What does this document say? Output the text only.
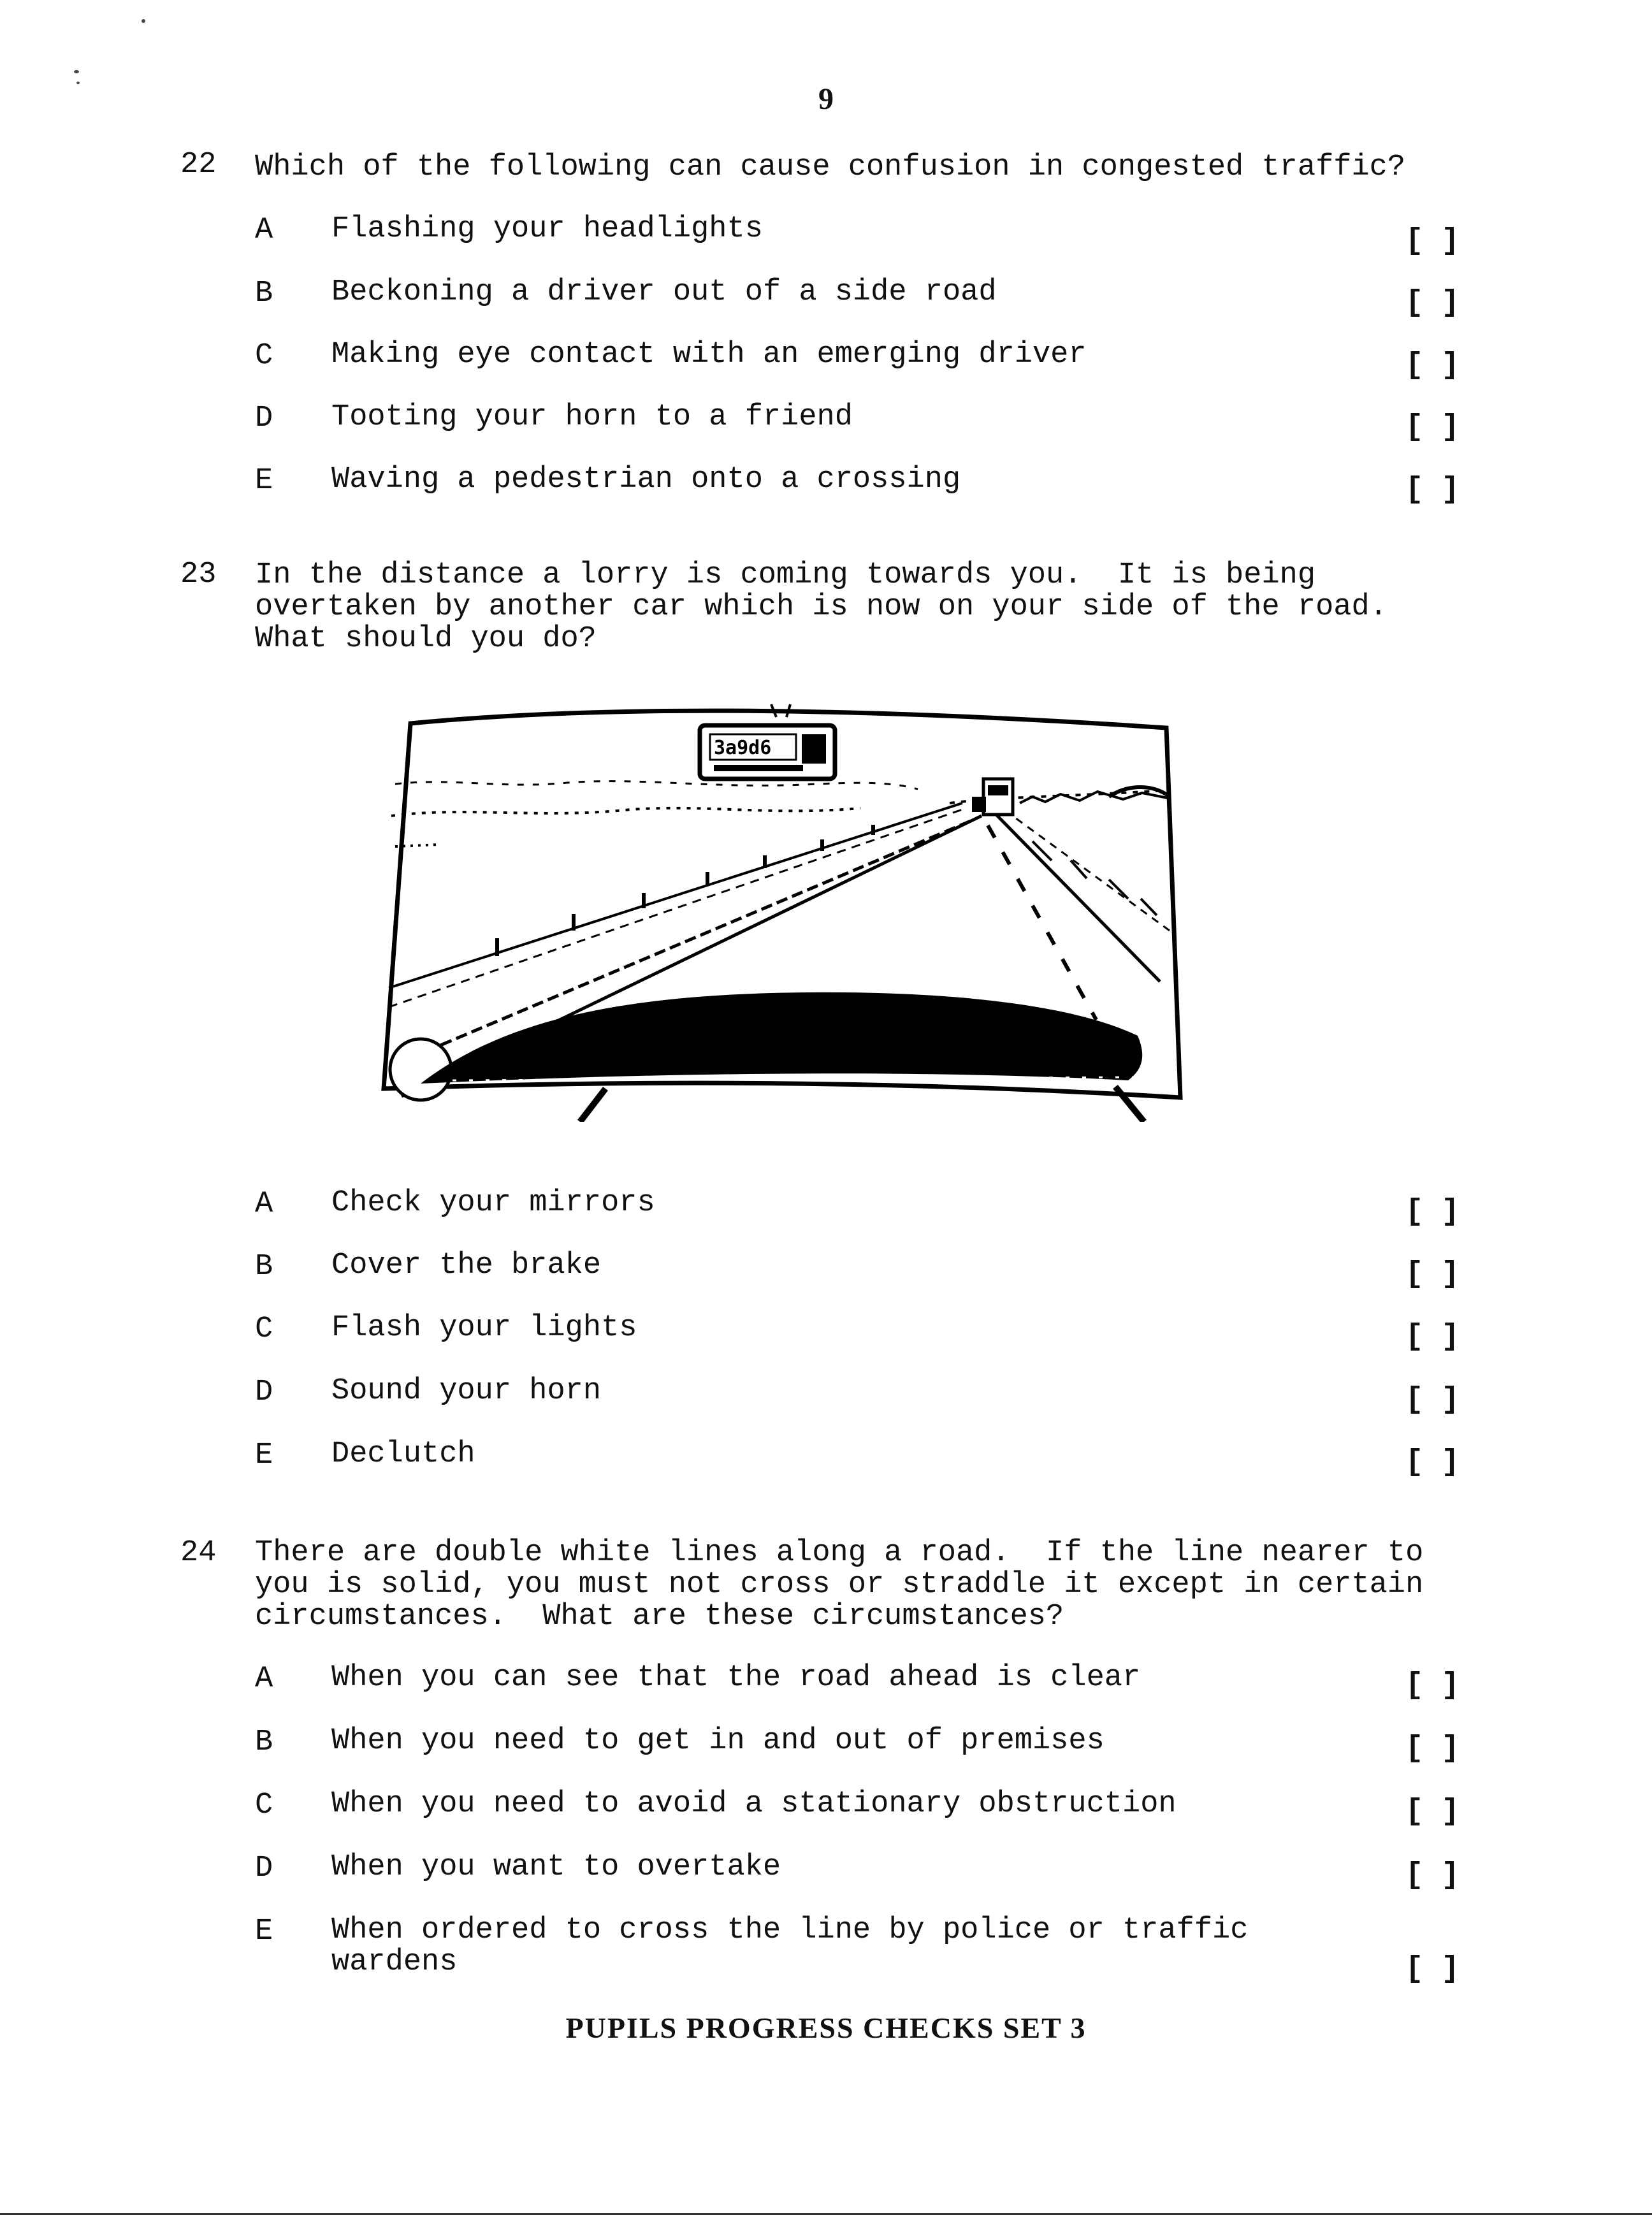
9
22 Which of the following can cause confusion in congested traffic?
A Flashing your headlights	[ ]
B Beckoning a driver out of a side road	[ ]
C Making eye contact with an emerging driver	[ ]
D Tooting your horn to a friend	[ ]
E Waving a pedestrian onto a crossing	[ ]
23 In the distance a lorry is coming towards you.  It is being
overtaken by another car which is now on your side of the road.
What should you do?
3a9d6
A Check your mirrors	[ ]
B Cover the brake	[ ]
C Flash your lights	[ ]
D Sound your horn	[ ]
E Declutch	[ ]
24 There are double white lines along a road.  If the line nearer to
you is solid, you must not cross or straddle it except in certain
circumstances.  What are these circumstances?
A When you can see that the road ahead is clear	[ ]
B When you need to get in and out of premises	[ ]
C When you need to avoid a stationary obstruction	[ ]
D When you want to overtake	[ ]
E When ordered to cross the line by police or traffic
wardens	[ ]
PUPILS PROGRESS CHECKS SET 3
